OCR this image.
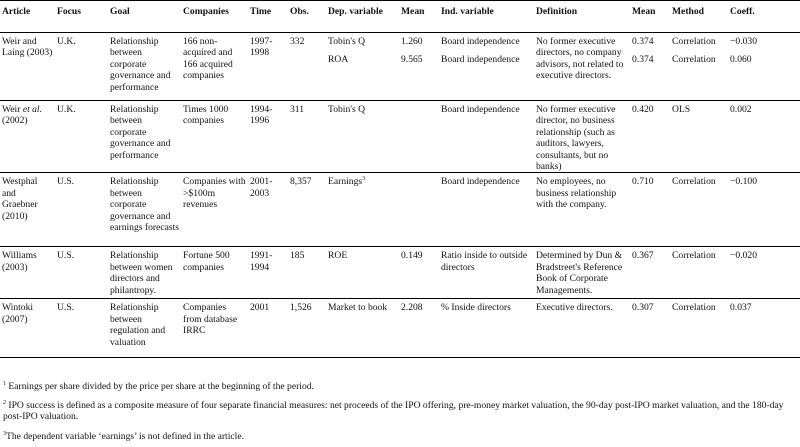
Article	Focus	Goal	Companies	Time	Obs.	Dep. variable	Mean	Ind. variable	Definition	Mean	Method	Coeff.
Weir and Laing (2003)	U.K.	Relationship between corporate governance and performance	166 non-acquired and 166 acquired companies	1997-1998	332	Tobin's Q	1.260	Board independence	No former executive directors, no company advisors, not related to executive directors.	0.374	Correlation	−0.030
						ROA	9.565	Board independence		0.374	Correlation	0.060
Weir et al.
(2002)	U.K.	Relationship between corporate governance and performance	Times 1000 companies	1994-1996	311	Tobin's Q		Board independence	No former executive director, no business relationship (such as auditors, lawyers, consultants, but no banks)	0.420	OLS	0.002
Westphal and Graebner (2010)	U.S.	Relationship between corporate governance and earnings forecasts	Companies with >$100m revenues	2001-2003	8,357	Earnings$^3$		Board independence	No employees, no business relationship with the company.	0.710	Correlation	−0.100
Williams (2003)	U.S.	Relationship between women directors and philantropy.	Fortune 500 companies	1991-1994	185	ROE	0.149	Ratio inside to outside directors	Determined by Dun & Bradstreet's Reference Book of Corporate Managements.	0.367	Correlation	−0.020
Wintoki (2007)	U.S.	Relationship between regulation and valuation	Companies from database IRRC	2001	1,526	Market to book	2.208	% Inside directors	Executive directors.	0.307	Correlation	0.037
$^1$ Earnings per share divided by the price per share at the beginning of the period.
$^2$ IPO success is defined as a composite measure of four separate financial measures: net proceeds of the IPO offering, pre-money market valuation, the 90-day post-IPO market valuation, and the 180-day post-IPO valuation.
$^3$The dependent variable ‘earnings’ is not defined in the article.
